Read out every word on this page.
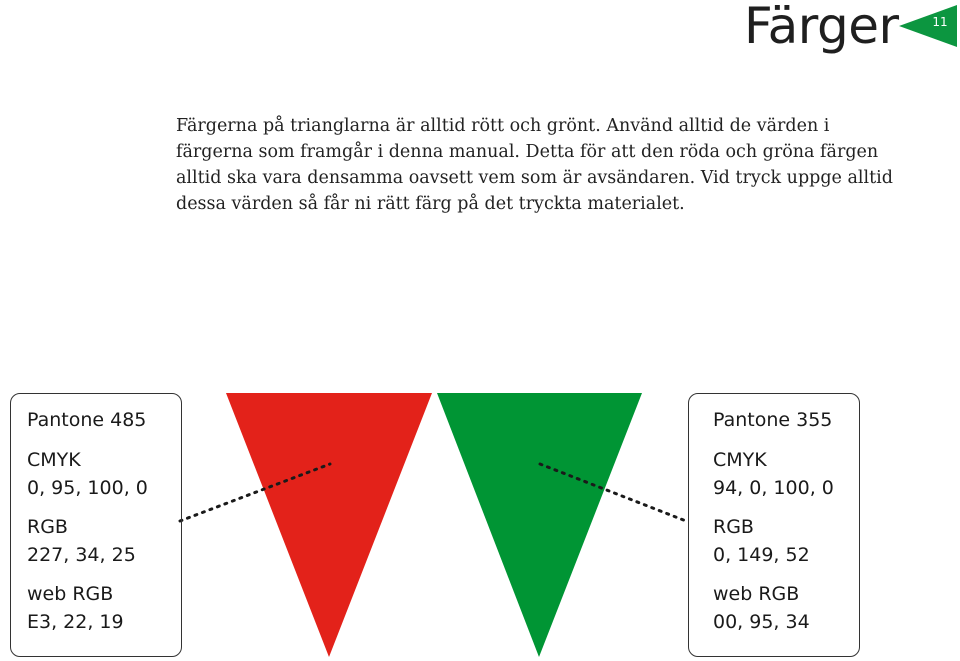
Färger	11

Färgerna på trianglarna är alltid rött och grönt. Använd alltid de värden i färgerna som framgår i denna manual. Detta för att den röda och gröna färgen alltid ska vara densamma oavsett vem som är avsändaren. Vid tryck uppge alltid dessa värden så får ni rätt färg på det tryckta materialet.

Pantone 485
CMYK
0, 95, 100, 0
RGB
227, 34, 25
web RGB
E3, 22, 19
Pantone 355
CMYK
94, 0, 100, 0
RGB
0, 149, 52
web RGB
00, 95, 34
